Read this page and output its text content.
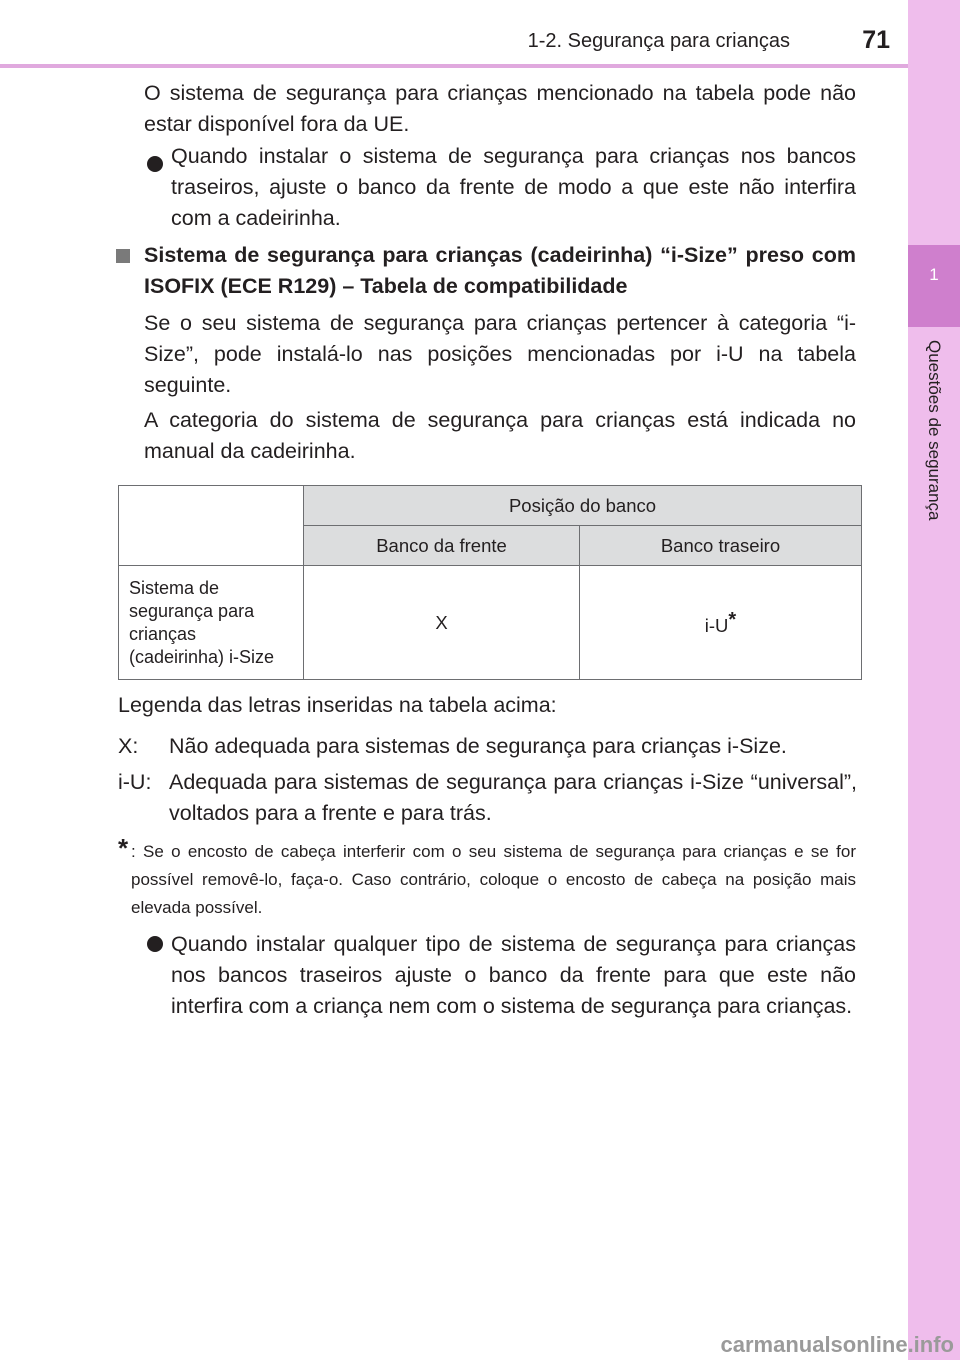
1-2. Segurança para crianças	71
1
Questões de segurança

O sistema de segurança para crianças mencionado na tabela pode não estar disponível fora da UE.

Quando instalar o sistema de segurança para crianças nos bancos traseiros, ajuste o banco da frente de modo a que este não interfira com a cadeirinha.

Sistema de segurança para crianças (cadeirinha) “i-Size” preso com ISOFIX (ECE R129) – Tabela de compatibilidade

Se o seu sistema de segurança para crianças pertencer à categoria “i-Size”, pode instalá-lo nas posições mencionadas por i-U na tabela seguinte.

A categoria do sistema de segurança para crianças está indicada no manual da cadeirinha.

	Posição do banco	
	Banco da frente	Banco traseiro
Sistema de segurança para crianças (cadeirinha) i-Size	X	i-U*
Legenda das letras inseridas na tabela acima:
X: Não adequada para sistemas de segurança para crianças i-Size.
i-U: Adequada para sistemas de segurança para crianças i-Size “universal”, voltados para a frente e para trás.
* : Se o encosto de cabeça interferir com o seu sistema de segurança para crianças e se for possível removê-lo, faça-o. Caso contrário, coloque o encosto de cabeça na posição mais elevada possível.

Quando instalar qualquer tipo de sistema de segurança para crianças nos bancos traseiros ajuste o banco da frente para que este não interfira com a criança nem com o sistema de segurança para crianças.

carmanualsonline.info
